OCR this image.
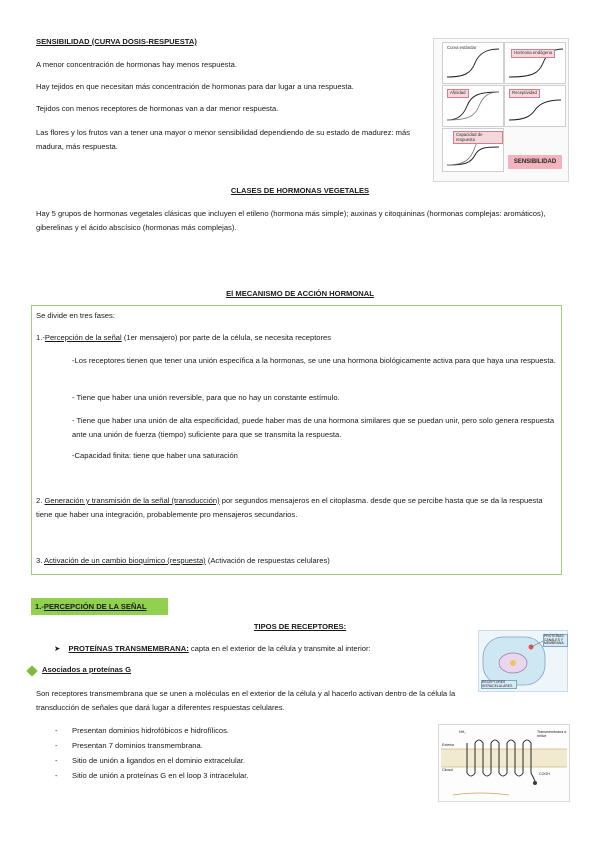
SENSIBILIDAD (CURVA DOSIS-RESPUESTA)

A menor concentración de hormonas hay menos respuesta.

Hay tejidos en que necesitan más concentración de hormonas para dar lugar a una respuesta.

Tejidos con menos receptores de hormonas van a dar menor respuesta.

Las flores y los frutos van a tener una mayor o menor sensibilidad dependiendo de su estado de madurez: más madura, más respuesta.

Curva estándar
Hormona endógena
Afinidad	Receptividad
Capacidad de respuesta
SENSIBILIDAD
CLASES DE HORMONAS VEGETALES

Hay 5 grupos de hormonas vegetales clásicas que incluyen el etileno (hormona más simple); auxinas y citoquininas (hormonas complejas: aromáticos), giberelinas y el ácido abscísico (hormonas más complejas).

El MECANISMO DE ACCIÓN HORMONAL

Se divide en tres fases:

1.-Percepción de la señal (1er mensajero) por parte de la célula, se necesita receptores

-Los receptores tienen que tener una unión específica a la hormonas, se une una hormona biológicamente activa para que haya una respuesta.

- Tiene que haber una unión reversible, para que no hay un constante estímulo.

- Tiene que haber una unión de alta especificidad, puede haber mas de una hormona similares que se puedan unir, pero solo genera respuesta ante una unión de fuerza (tiempo) suficiente para que se transmita la respuesta.

-Capacidad finita: tiene que haber una saturación

2. Generación y transmisión de la señal (transducción) por segundos mensajeros en el citoplasma. desde que se percibe hasta que se da la respuesta tiene que haber una integración, probablemente pro mensajeros secundarios.

3. Activación de un cambio bioquímico (respuesta) (Activación de respuestas celulares)

1.-PERCEPCIÓN DE LA SEÑAL
TIPOS DE RECEPTORES:
➤ PROTEÍNAS TRANSMEMBRANA: capta en el exterior de la célula y transmite al interior:
Asociados a proteínas G

Son receptores transmembrana que se unen a moléculas en el exterior de la célula y al hacerlo activan dentro de la célula la transducción de señales que dará lugar a diferentes respuestas celulares.

- Presentan dominios hidrofóbicos e hidrofílicos.

- Presentan 7 dominios transmembrana.

- Sitio de unión a ligandos en el dominio extracelular.

- Sitio de unión a proteínas G en el loop 3 intracelular.

PROTEÍNAS CANALES Y MEMBRANA
RECEPTORES INTRACELULARES
Exterior
Citosol
Transmembrana α hélice
COOH
NH₂
